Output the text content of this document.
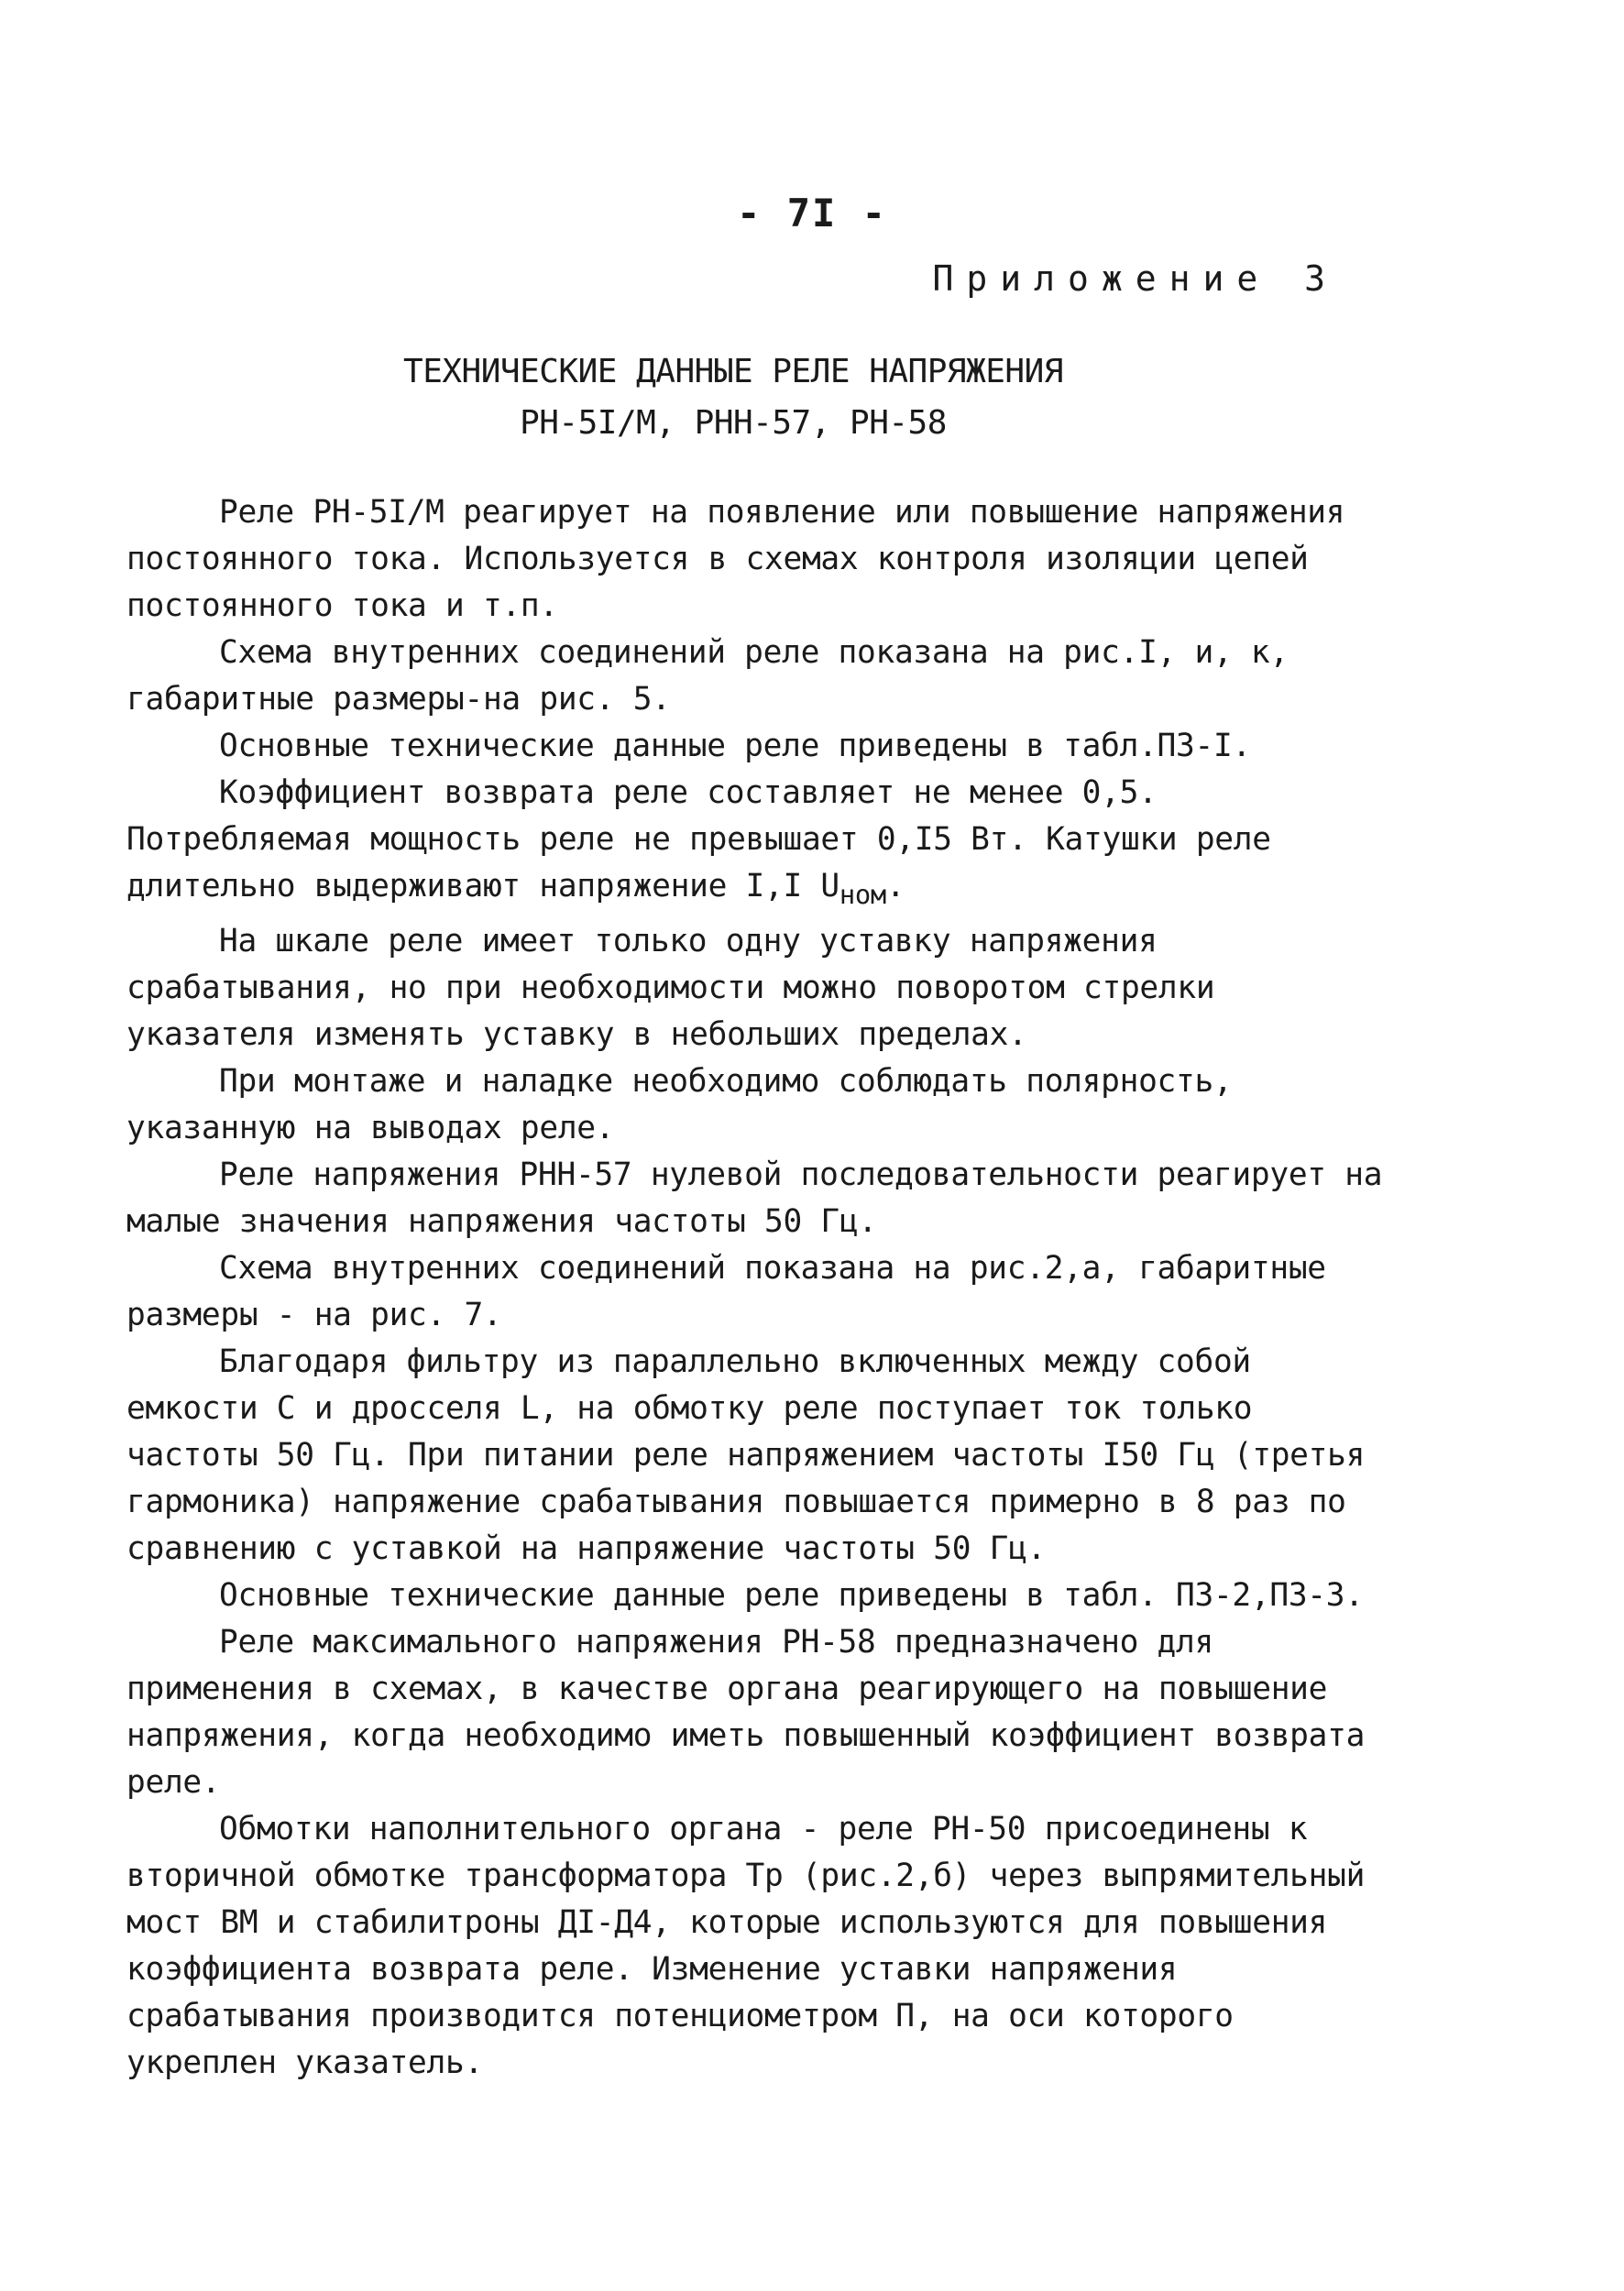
- 7I -
Приложение 3
ТЕХНИЧЕСКИЕ ДАННЫЕ РЕЛЕ НАПРЯЖЕНИЯ
РН-5I/М, РНН-57, РН-58

Реле РН-5I/М реагирует на появление или повышение напряжения постоянного тока. Используется в схемах контроля изоляции цепей постоянного тока и т.п.

Схема внутренних соединений реле показана на рис.I, и, к, габаритные размеры-на рис. 5.

Основные технические данные реле приведены в табл.П3-I.

Коэффициент возврата реле составляет не менее 0,5. Потребляемая мощность реле не превышает 0,I5 Вт. Катушки реле длительно выдерживают напряжение I,I $U_{ном}$.

На шкале реле имеет только одну уставку напряжения срабатывания, но при необходимости можно поворотом стрелки указателя изменять уставку в небольших пределах.

При монтаже и наладке необходимо соблюдать полярность, указанную на выводах реле.

Реле напряжения РНН-57 нулевой последовательности реагирует на малые значения напряжения частоты 50 Гц.

Схема внутренних соединений показана на рис.2,а, габаритные размеры - на рис. 7.

Благодаря фильтру из параллельно включенных между собой емкости С и дросселя L, на обмотку реле поступает ток только частоты 50 Гц. При питании реле напряжением частоты I50 Гц (третья гармоника) напряжение срабатывания повышается примерно в 8 раз по сравнению с уставкой на напряжение частоты 50 Гц.

Основные технические данные реле приведены в табл. П3-2,П3-3.

Реле максимального напряжения РН-58 предназначено для применения в схемах, в качестве органа реагирующего на повышение напряжения, когда необходимо иметь повышенный коэффициент возврата реле.

Обмотки наполнительного органа - реле РН-50 присоединены к вторичной обмотке трансформатора Тр (рис.2,б) через выпрямительный мост ВМ и стабилитроны ДI-Д4, которые используются для повышения коэффициента возврата реле. Изменение уставки напряжения срабатывания производится потенциометром П, на оси которого укреплен указатель.
